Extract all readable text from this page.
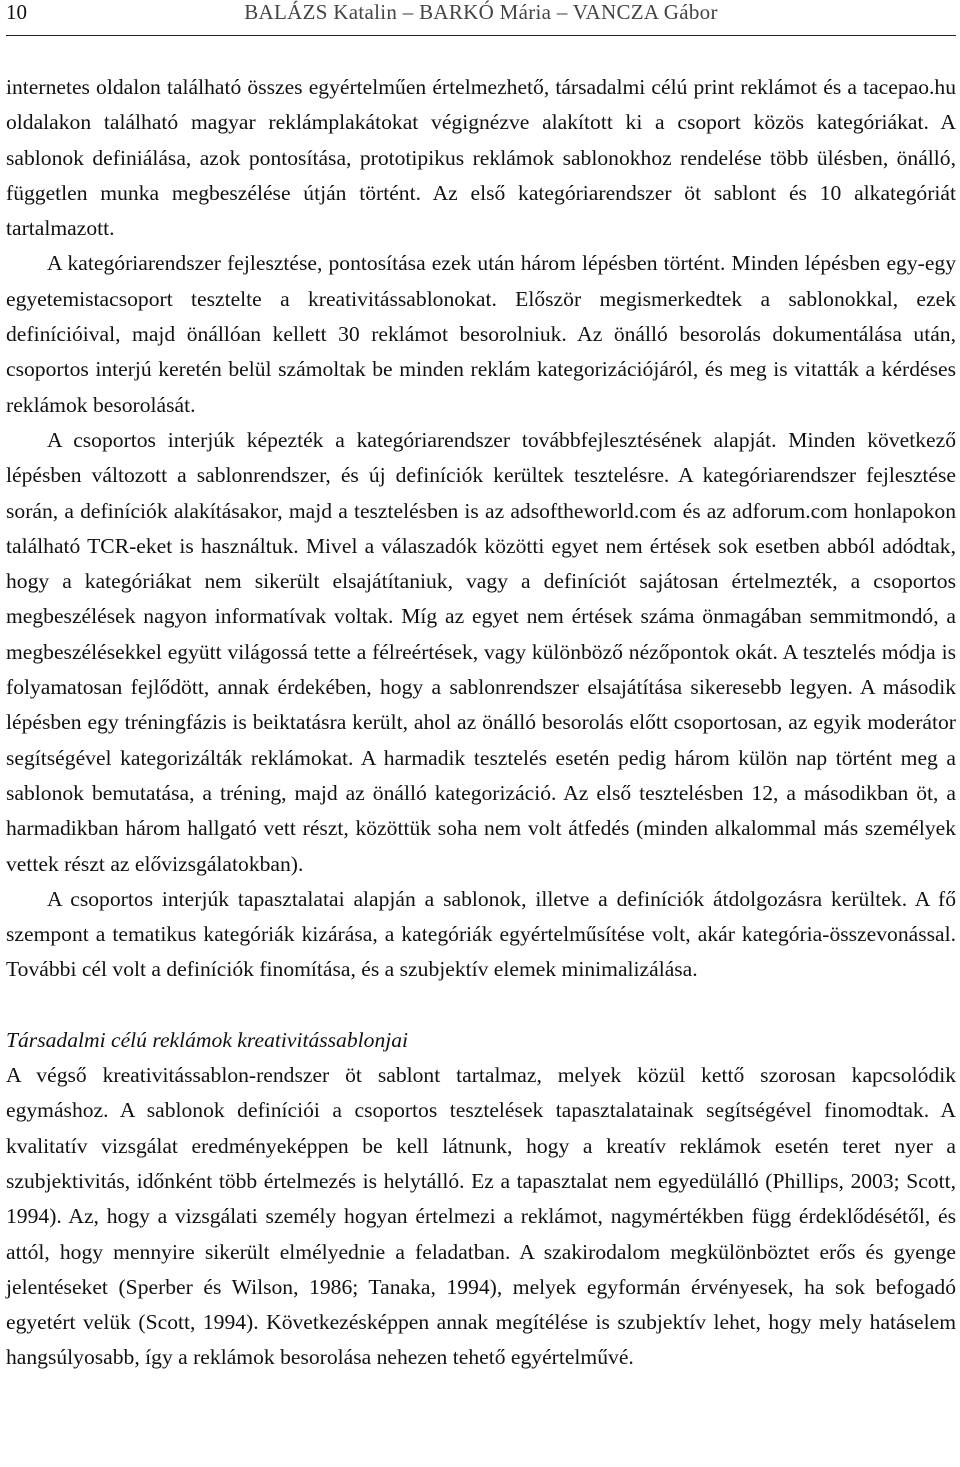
10	BALÁZS Katalin – BARKÓ Mária – VANCZA Gábor

internetes oldalon található összes egyértelműen értelmezhető, társadalmi célú print reklámot és a tacepao.hu oldalakon található magyar reklámplakátokat végignézve alakított ki a csoport közös kategóriákat. A sablonok definiálása, azok pontosítása, prototipikus reklámok sablonokhoz rendelése több ülésben, önálló, független munka megbeszélése útján történt. Az első kategóriarendszer öt sablont és 10 alkategóriát tartalmazott.

A kategóriarendszer fejlesztése, pontosítása ezek után három lépésben történt. Minden lépésben egy-egy egyetemistacsoport tesztelte a kreativitássablonokat. Először megismerkedtek a sablonokkal, ezek definícióival, majd önállóan kellett 30 reklámot besorolniuk. Az önálló besorolás dokumentálása után, csoportos interjú keretén belül számoltak be minden reklám kategorizációjáról, és meg is vitatták a kérdéses reklámok besorolását.

A csoportos interjúk képezték a kategóriarendszer továbbfejlesztésének alapját. Minden következő lépésben változott a sablonrendszer, és új definíciók kerültek tesztelésre. A kategóriarendszer fejlesztése során, a definíciók alakításakor, majd a tesztelésben is az adsoftheworld.com és az adforum.com honlapokon található TCR-eket is használtuk. Mivel a válaszadók közötti egyet nem értések sok esetben abból adódtak, hogy a kategóriákat nem sikerült elsajátítaniuk, vagy a definíciót sajátosan értelmezték, a csoportos megbeszélések nagyon informatívak voltak. Míg az egyet nem értések száma önmagában semmitmondó, a megbeszélésekkel együtt világossá tette a félreértések, vagy különböző nézőpontok okát. A tesztelés módja is folyamatosan fejlődött, annak érdekében, hogy a sablonrendszer elsajátítása sikeresebb legyen. A második lépésben egy tréningfázis is beiktatásra került, ahol az önálló besorolás előtt csoportosan, az egyik moderátor segítségével kategorizálták reklámokat. A harmadik tesztelés esetén pedig három külön nap történt meg a sablonok bemutatása, a tréning, majd az önálló kategorizáció. Az első tesztelésben 12, a másodikban öt, a harmadikban három hallgató vett részt, közöttük soha nem volt átfedés (minden alkalommal más személyek vettek részt az elővizsgálatokban).

A csoportos interjúk tapasztalatai alapján a sablonok, illetve a definíciók átdolgozásra kerültek. A fő szempont a tematikus kategóriák kizárása, a kategóriák egyértelműsítése volt, akár kategória-összevonással. További cél volt a definíciók finomítása, és a szubjektív elemek minimalizálása.

Társadalmi célú reklámok kreativitássablonjai

A végső kreativitássablon-rendszer öt sablont tartalmaz, melyek közül kettő szorosan kapcsolódik egymáshoz. A sablonok definíciói a csoportos tesztelések tapasztalatainak segítségével finomodtak. A kvalitatív vizsgálat eredményeképpen be kell látnunk, hogy a kreatív reklámok esetén teret nyer a szubjektivitás, időnként több értelmezés is helytálló. Ez a tapasztalat nem egyedülálló (Phillips, 2003; Scott, 1994). Az, hogy a vizsgálati személy hogyan értelmezi a reklámot, nagymértékben függ érdeklődésétől, és attól, hogy mennyire sikerült elmélyednie a feladatban. A szakirodalom megkülönböztet erős és gyenge jelentéseket (Sperber és Wilson, 1986; Tanaka, 1994), melyek egyformán érvényesek, ha sok befogadó egyetért velük (Scott, 1994). Következésképpen annak megítélése is szubjektív lehet, hogy mely hatáselem hangsúlyosabb, így a reklámok besorolása nehezen tehető egyértelművé.
